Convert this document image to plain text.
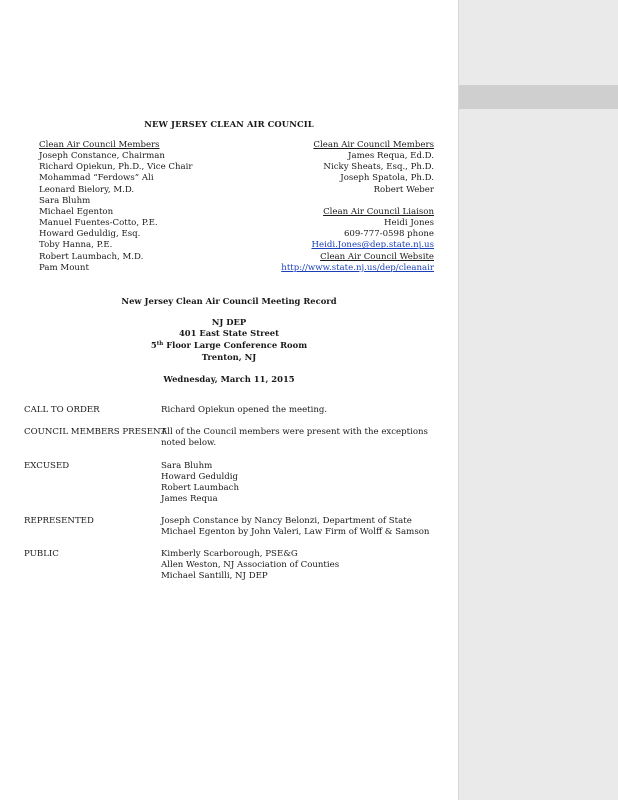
NEW JERSEY CLEAN AIR COUNCIL
Clean Air Council Members
Joseph Constance, Chairman
Richard Opiekun, Ph.D., Vice Chair
Mohammad “Ferdows” Ali
Leonard Bielory, M.D.
Sara Bluhm
Michael Egenton
Manuel Fuentes-Cotto, P.E.
Howard Geduldig, Esq.
Toby Hanna, P.E.
Robert Laumbach, M.D.
Pam Mount
Clean Air Council Members
James Requa, Ed.D.
Nicky Sheats, Esq., Ph.D.
Joseph Spatola, Ph.D.
Robert Weber
Clean Air Council Liaison
Heidi Jones
609-777-0598 phone
Heidi.Jones@dep.state.nj.us
Clean Air Council Website
http://www.state.nj.us/dep/cleanair
New Jersey Clean Air Council Meeting Record
NJ DEP
401 East State Street
5th Floor Large Conference Room
Trenton, NJ
Wednesday, March 11, 2015
CALL TO ORDER	Richard Opiekun opened the meeting.
COUNCIL MEMBERS PRESENT
All of the Council members were present with the exceptions noted below.
EXCUSED	Sara Bluhm
Howard Geduldig
Robert Laumbach
James Requa
REPRESENTED	Joseph Constance by Nancy Belonzi, Department of State
Michael Egenton by John Valeri, Law Firm of Wolff & Samson
PUBLIC	Kimberly Scarborough, PSE&G
Allen Weston, NJ Association of Counties
Michael Santilli, NJ DEP
